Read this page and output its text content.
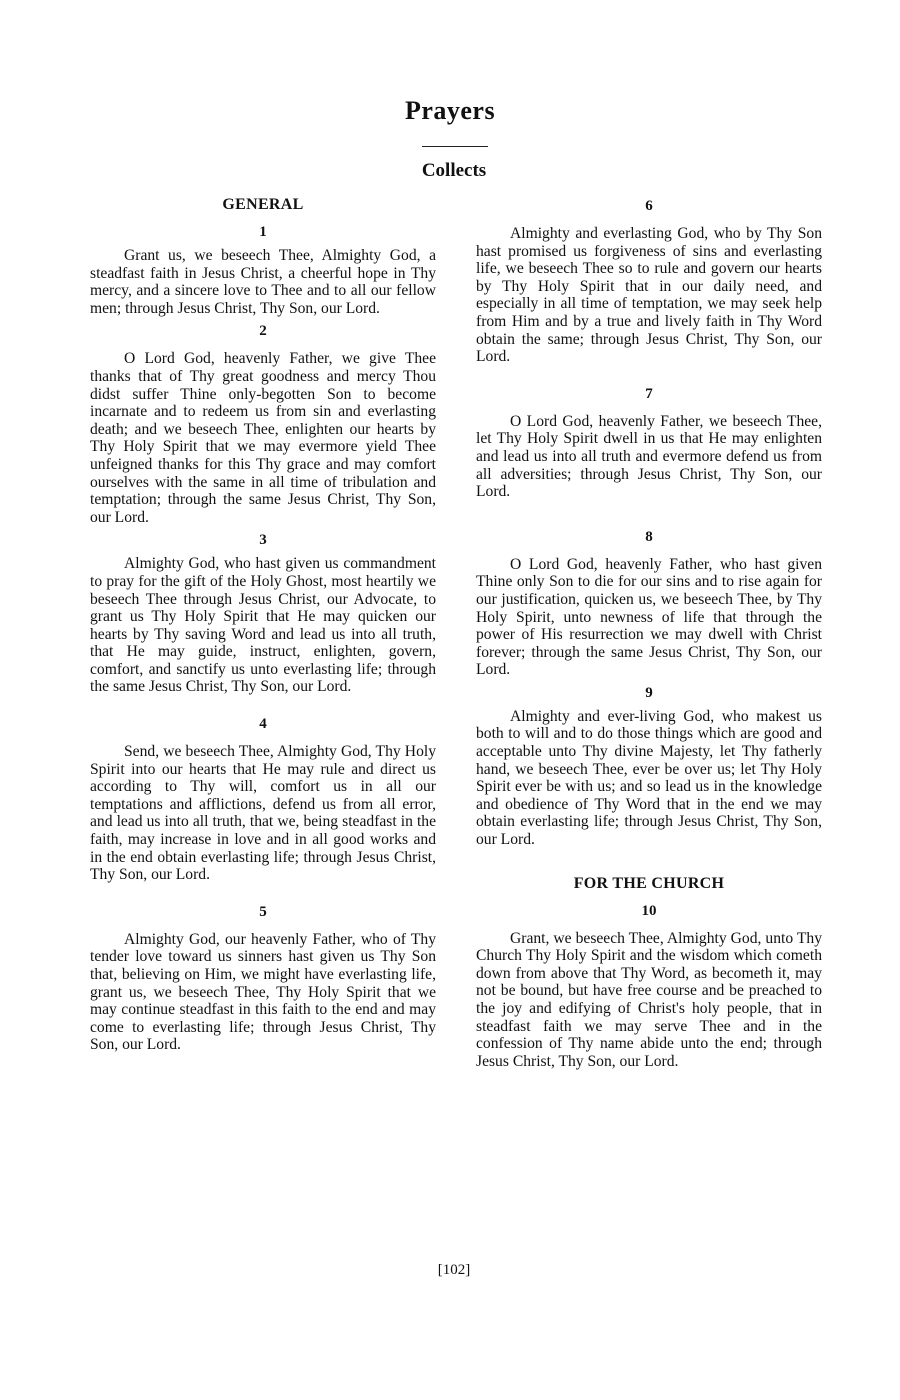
Prayers
Collects
GENERAL
1

Grant us, we beseech Thee, Almighty God, a steadfast faith in Jesus Christ, a cheerful hope in Thy mercy, and a sincere love to Thee and to all our fellow men; through Jesus Christ, Thy Son, our Lord.

2

O Lord God, heavenly Father, we give Thee thanks that of Thy great goodness and mercy Thou didst suffer Thine only-begotten Son to become incarnate and to redeem us from sin and everlasting death; and we beseech Thee, enlighten our hearts by Thy Holy Spirit that we may evermore yield Thee unfeigned thanks for this Thy grace and may comfort ourselves with the same in all time of tribulation and temptation; through the same Jesus Christ, Thy Son, our Lord.

3

Almighty God, who hast given us commandment to pray for the gift of the Holy Ghost, most heartily we beseech Thee through Jesus Christ, our Advocate, to grant us Thy Holy Spirit that He may quicken our hearts by Thy saving Word and lead us into all truth, that He may guide, instruct, enlighten, govern, comfort, and sanctify us unto everlasting life; through the same Jesus Christ, Thy Son, our Lord.

4

Send, we beseech Thee, Almighty God, Thy Holy Spirit into our hearts that He may rule and direct us according to Thy will, comfort us in all our temptations and afflictions, defend us from all error, and lead us into all truth, that we, being steadfast in the faith, may increase in love and in all good works and in the end obtain everlasting life; through Jesus Christ, Thy Son, our Lord.

5

Almighty God, our heavenly Father, who of Thy tender love toward us sinners hast given us Thy Son that, believing on Him, we might have everlasting life, grant us, we beseech Thee, Thy Holy Spirit that we may continue steadfast in this faith to the end and may come to everlasting life; through Jesus Christ, Thy Son, our Lord.

6

Almighty and everlasting God, who by Thy Son hast promised us forgiveness of sins and everlasting life, we beseech Thee so to rule and govern our hearts by Thy Holy Spirit that in our daily need, and especially in all time of temptation, we may seek help from Him and by a true and lively faith in Thy Word obtain the same; through Jesus Christ, Thy Son, our Lord.

7

O Lord God, heavenly Father, we beseech Thee, let Thy Holy Spirit dwell in us that He may enlighten and lead us into all truth and evermore defend us from all adversities; through Jesus Christ, Thy Son, our Lord.

8

O Lord God, heavenly Father, who hast given Thine only Son to die for our sins and to rise again for our justification, quicken us, we beseech Thee, by Thy Holy Spirit, unto newness of life that through the power of His resurrection we may dwell with Christ forever; through the same Jesus Christ, Thy Son, our Lord.

9

Almighty and ever-living God, who makest us both to will and to do those things which are good and acceptable unto Thy divine Majesty, let Thy fatherly hand, we beseech Thee, ever be over us; let Thy Holy Spirit ever be with us; and so lead us in the knowledge and obedience of Thy Word that in the end we may obtain everlasting life; through Jesus Christ, Thy Son, our Lord.

FOR THE CHURCH
10

Grant, we beseech Thee, Almighty God, unto Thy Church Thy Holy Spirit and the wisdom which cometh down from above that Thy Word, as becometh it, may not be bound, but have free course and be preached to the joy and edifying of Christ's holy people, that in steadfast faith we may serve Thee and in the confession of Thy name abide unto the end; through Jesus Christ, Thy Son, our Lord.

[102]
